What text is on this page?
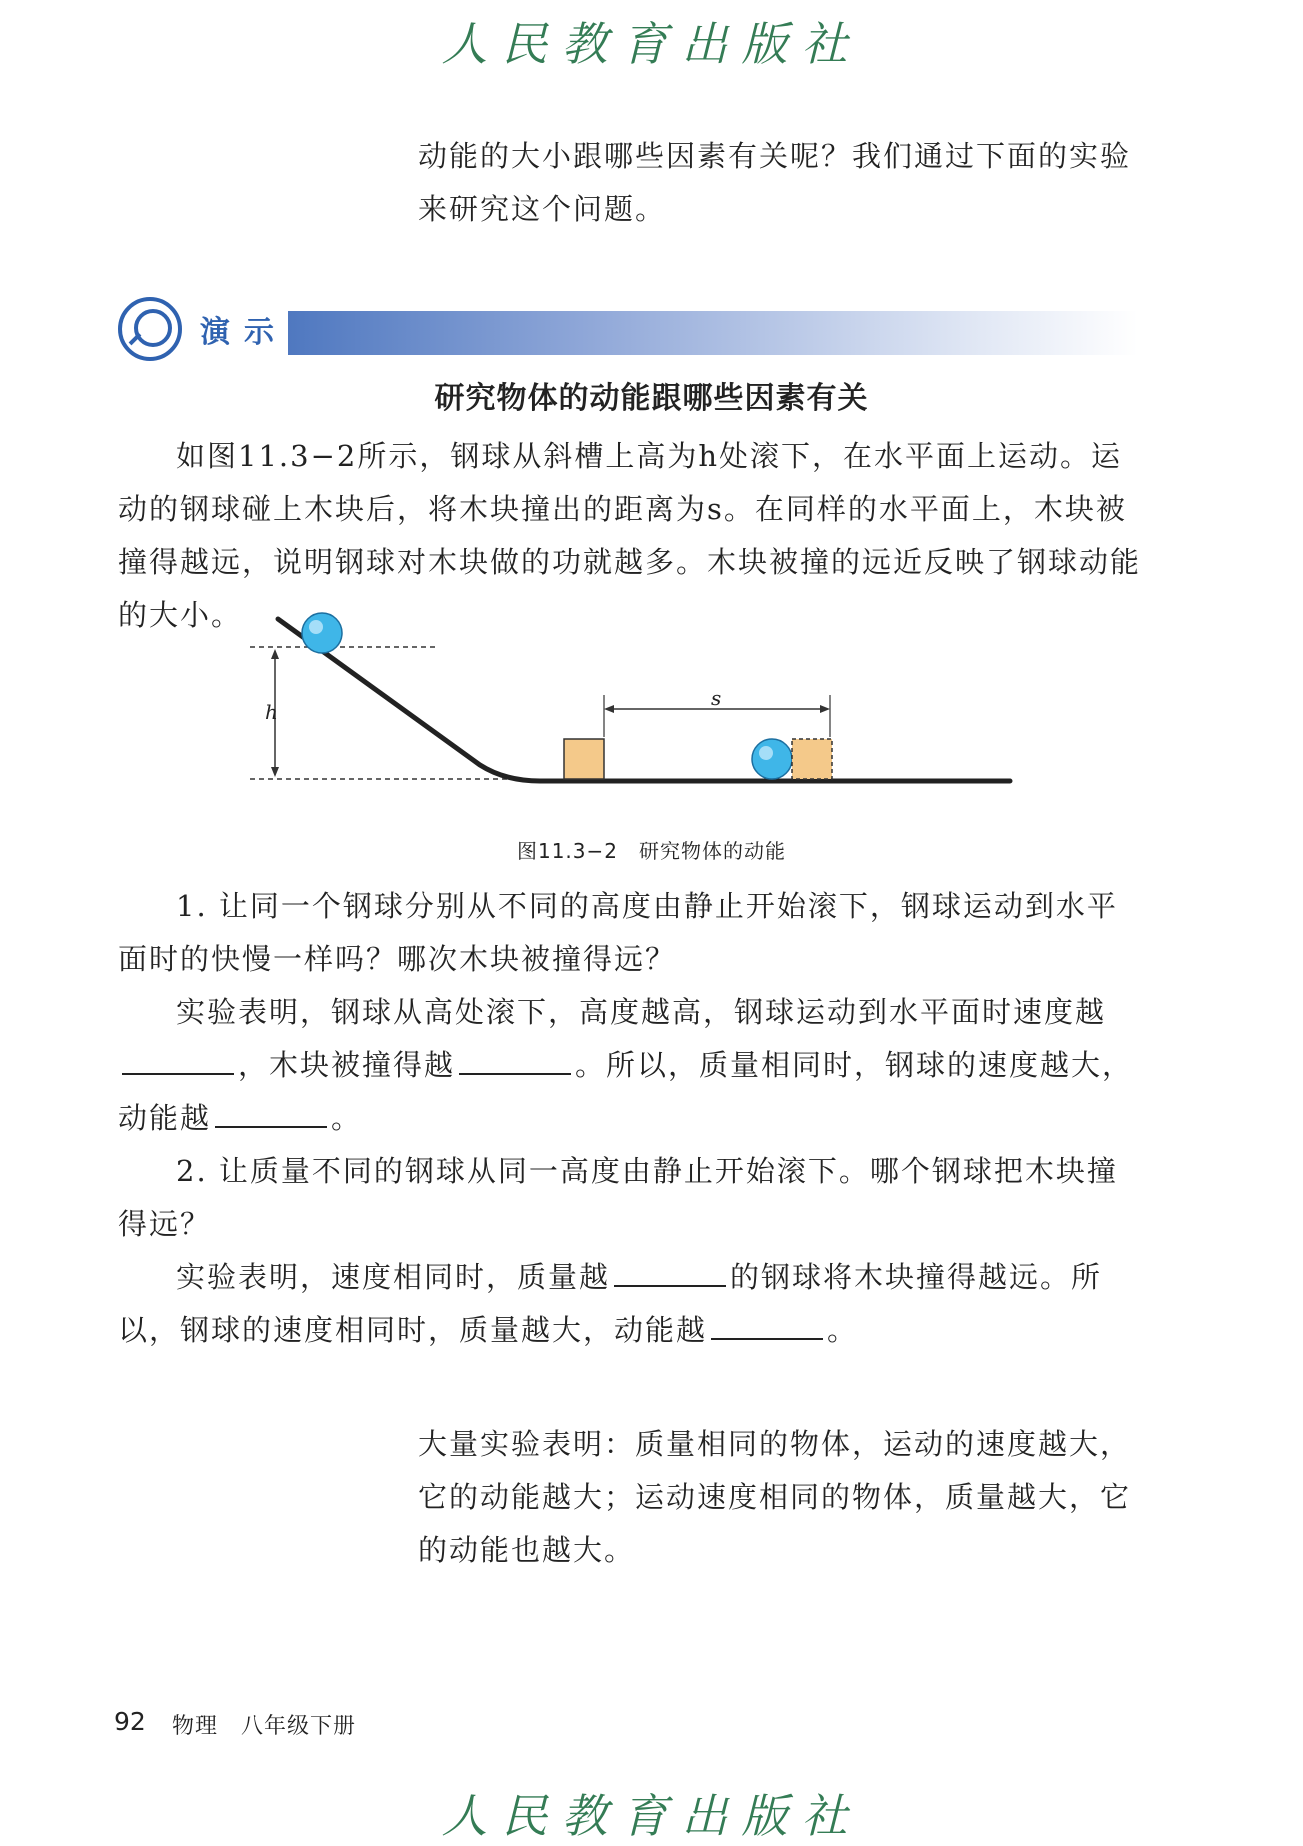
人民教育出版社

动能的大小跟哪些因素有关呢？我们通过下面的实验来研究这个问题。

演示
研究物体的动能跟哪些因素有关

如图11.3−2所示，钢球从斜槽上高为h处滚下，在水平面上运动。运动的钢球碰上木块后，将木块撞出的距离为s。在同样的水平面上，木块被撞得越远，说明钢球对木块做的功就越多。木块被撞的远近反映了钢球动能的大小。

h
s
图11.3−2　研究物体的动能

1. 让同一个钢球分别从不同的高度由静止开始滚下，钢球运动到水平面时的快慢一样吗？哪次木块被撞得远？

实验表明，钢球从高处滚下，高度越高，钢球运动到水平面时速度越，木块被撞得越	。所以，质量相同时，钢球的速度越大，动能越	。

2. 让质量不同的钢球从同一高度由静止开始滚下。哪个钢球把木块撞得远？

实验表明，速度相同时，质量越	的钢球将木块撞得越远。所以，钢球的速度相同时，质量越大，动能越	。

大量实验表明：质量相同的物体，运动的速度越大，它的动能越大；运动速度相同的物体，质量越大，它的动能也越大。

92 物理　八年级下册
人民教育出版社
